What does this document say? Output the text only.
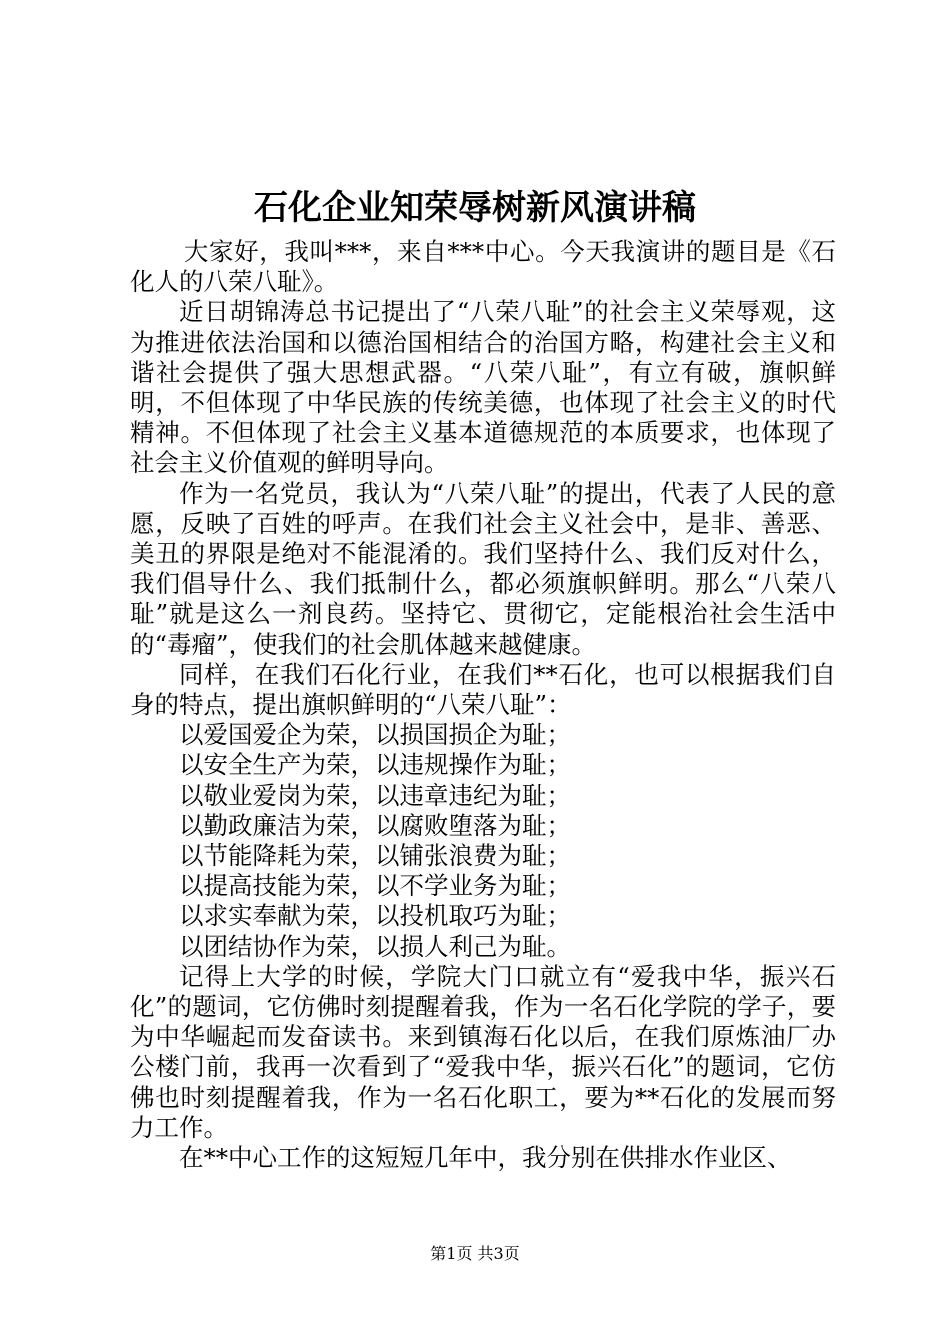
石化企业知荣辱树新风演讲稿

大家好，我叫***，来自***中心。今天我演讲的题目是《石化人的八荣八耻》。

近日胡锦涛总书记提出了“八荣八耻”的社会主义荣辱观，这为推进依法治国和以德治国相结合的治国方略，构建社会主义和谐社会提供了强大思想武器。“八荣八耻”，有立有破，旗帜鲜明，不但体现了中华民族的传统美德，也体现了社会主义的时代精神。不但体现了社会主义基本道德规范的本质要求，也体现了社会主义价值观的鲜明导向。

作为一名党员，我认为“八荣八耻”的提出，代表了人民的意愿，反映了百姓的呼声。在我们社会主义社会中，是非、善恶、美丑的界限是绝对不能混淆的。我们坚持什么、我们反对什么，我们倡导什么、我们抵制什么，都必须旗帜鲜明。那么“八荣八耻”就是这么一剂良药。坚持它、贯彻它，定能根治社会生活中的“毒瘤”，使我们的社会肌体越来越健康。

同样，在我们石化行业，在我们**石化，也可以根据我们自身的特点，提出旗帜鲜明的“八荣八耻”：

以爱国爱企为荣，以损国损企为耻；

以安全生产为荣，以违规操作为耻；

以敬业爱岗为荣，以违章违纪为耻；

以勤政廉洁为荣，以腐败堕落为耻；

以节能降耗为荣，以铺张浪费为耻；

以提高技能为荣，以不学业务为耻；

以求实奉献为荣，以投机取巧为耻；

以团结协作为荣，以损人利己为耻。

记得上大学的时候，学院大门口就立有“爱我中华，振兴石化”的题词，它仿佛时刻提醒着我，作为一名石化学院的学子，要为中华崛起而发奋读书。来到镇海石化以后，在我们原炼油厂办公楼门前，我再一次看到了“爱我中华，振兴石化”的题词，它仿佛也时刻提醒着我，作为一名石化职工，要为**石化的发展而努力工作。

在**中心工作的这短短几年中，我分别在供排水作业区、

第1页 共3页
